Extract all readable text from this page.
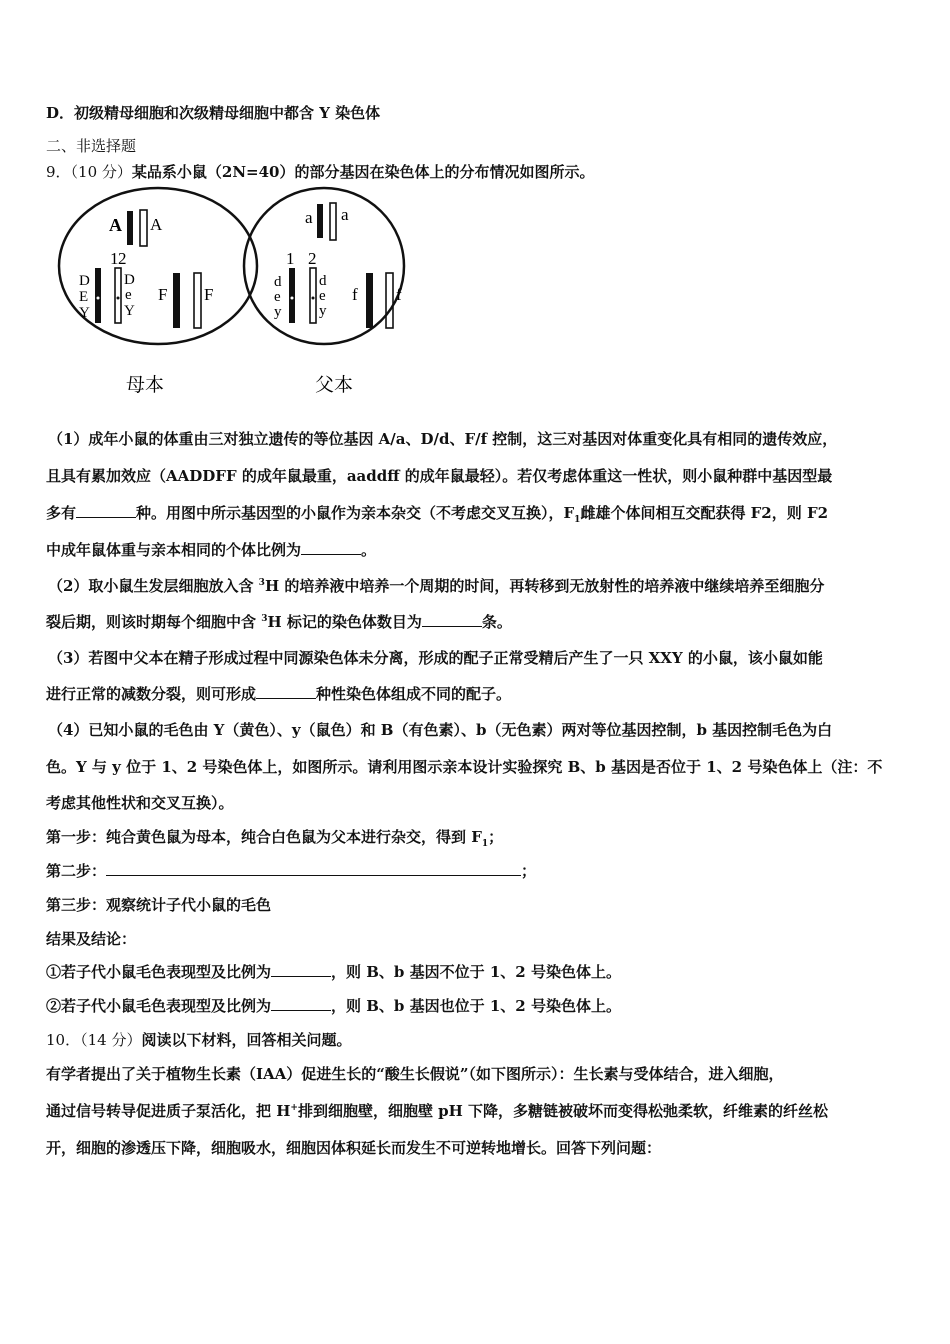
D．初级精母细胞和次级精母细胞中都含 Y 染色体
二、非选择题
9．（10 分）某品系小鼠（2N=40）的部分基因在染色体上的分布情况如图所示。
A A
1 2
D
E
Y
D
e
Y
F F
母本
a a
1 2
d
e
y
d
e
y
f f
父本
（1）成年小鼠的体重由三对独立遗传的等位基因 A/a、D/d、F/f 控制，这三对基因对体重变化具有相同的遗传效应，
且具有累加效应（AADDFF 的成年鼠最重，aaddff 的成年鼠最轻）。若仅考虑体重这一性状，则小鼠种群中基因型最
多有	种。用图中所示基因型的小鼠作为亲本杂交（不考虑交叉互换），$F_1$雌雄个体间相互交配获得 F2，则 F2
中成年鼠体重与亲本相同的个体比例为	。
（2）取小鼠生发层细胞放入含 $^3$H 的培养液中培养一个周期的时间，再转移到无放射性的培养液中继续培养至细胞分
裂后期，则该时期每个细胞中含 $^3$H 标记的染色体数目为	条。
（3）若图中父本在精子形成过程中同源染色体未分离，形成的配子正常受精后产生了一只 XXY 的小鼠，该小鼠如能
进行正常的减数分裂，则可形成	种性染色体组成不同的配子。
（4）已知小鼠的毛色由 Y（黄色）、y（鼠色）和 B（有色素）、b（无色素）两对等位基因控制，b 基因控制毛色为白
色。Y 与 y 位于 1、2 号染色体上，如图所示。请利用图示亲本设计实验探究 B、b 基因是否位于 1、2 号染色体上（注：不
考虑其他性状和交叉互换）。
第一步：纯合黄色鼠为母本，纯合白色鼠为父本进行杂交，得到 $F_1$；
第二步：	；
第三步：观察统计子代小鼠的毛色
结果及结论：
①若子代小鼠毛色表现型及比例为	，则 B、b 基因不位于 1、2 号染色体上。
②若子代小鼠毛色表现型及比例为	，则 B、b 基因也位于 1、2 号染色体上。
10．（14 分）阅读以下材料，回答相关问题。
有学者提出了关于植物生长素（IAA）促进生长的“酸生长假说”（如下图所示）：生长素与受体结合，进入细胞，
通过信号转导促进质子泵活化，把 H+排到细胞壁，细胞壁 pH 下降，多糖链被破坏而变得松弛柔软，纤维素的纤丝松
开，细胞的渗透压下降，细胞吸水，细胞因体积延长而发生不可逆转地增长。回答下列问题：
